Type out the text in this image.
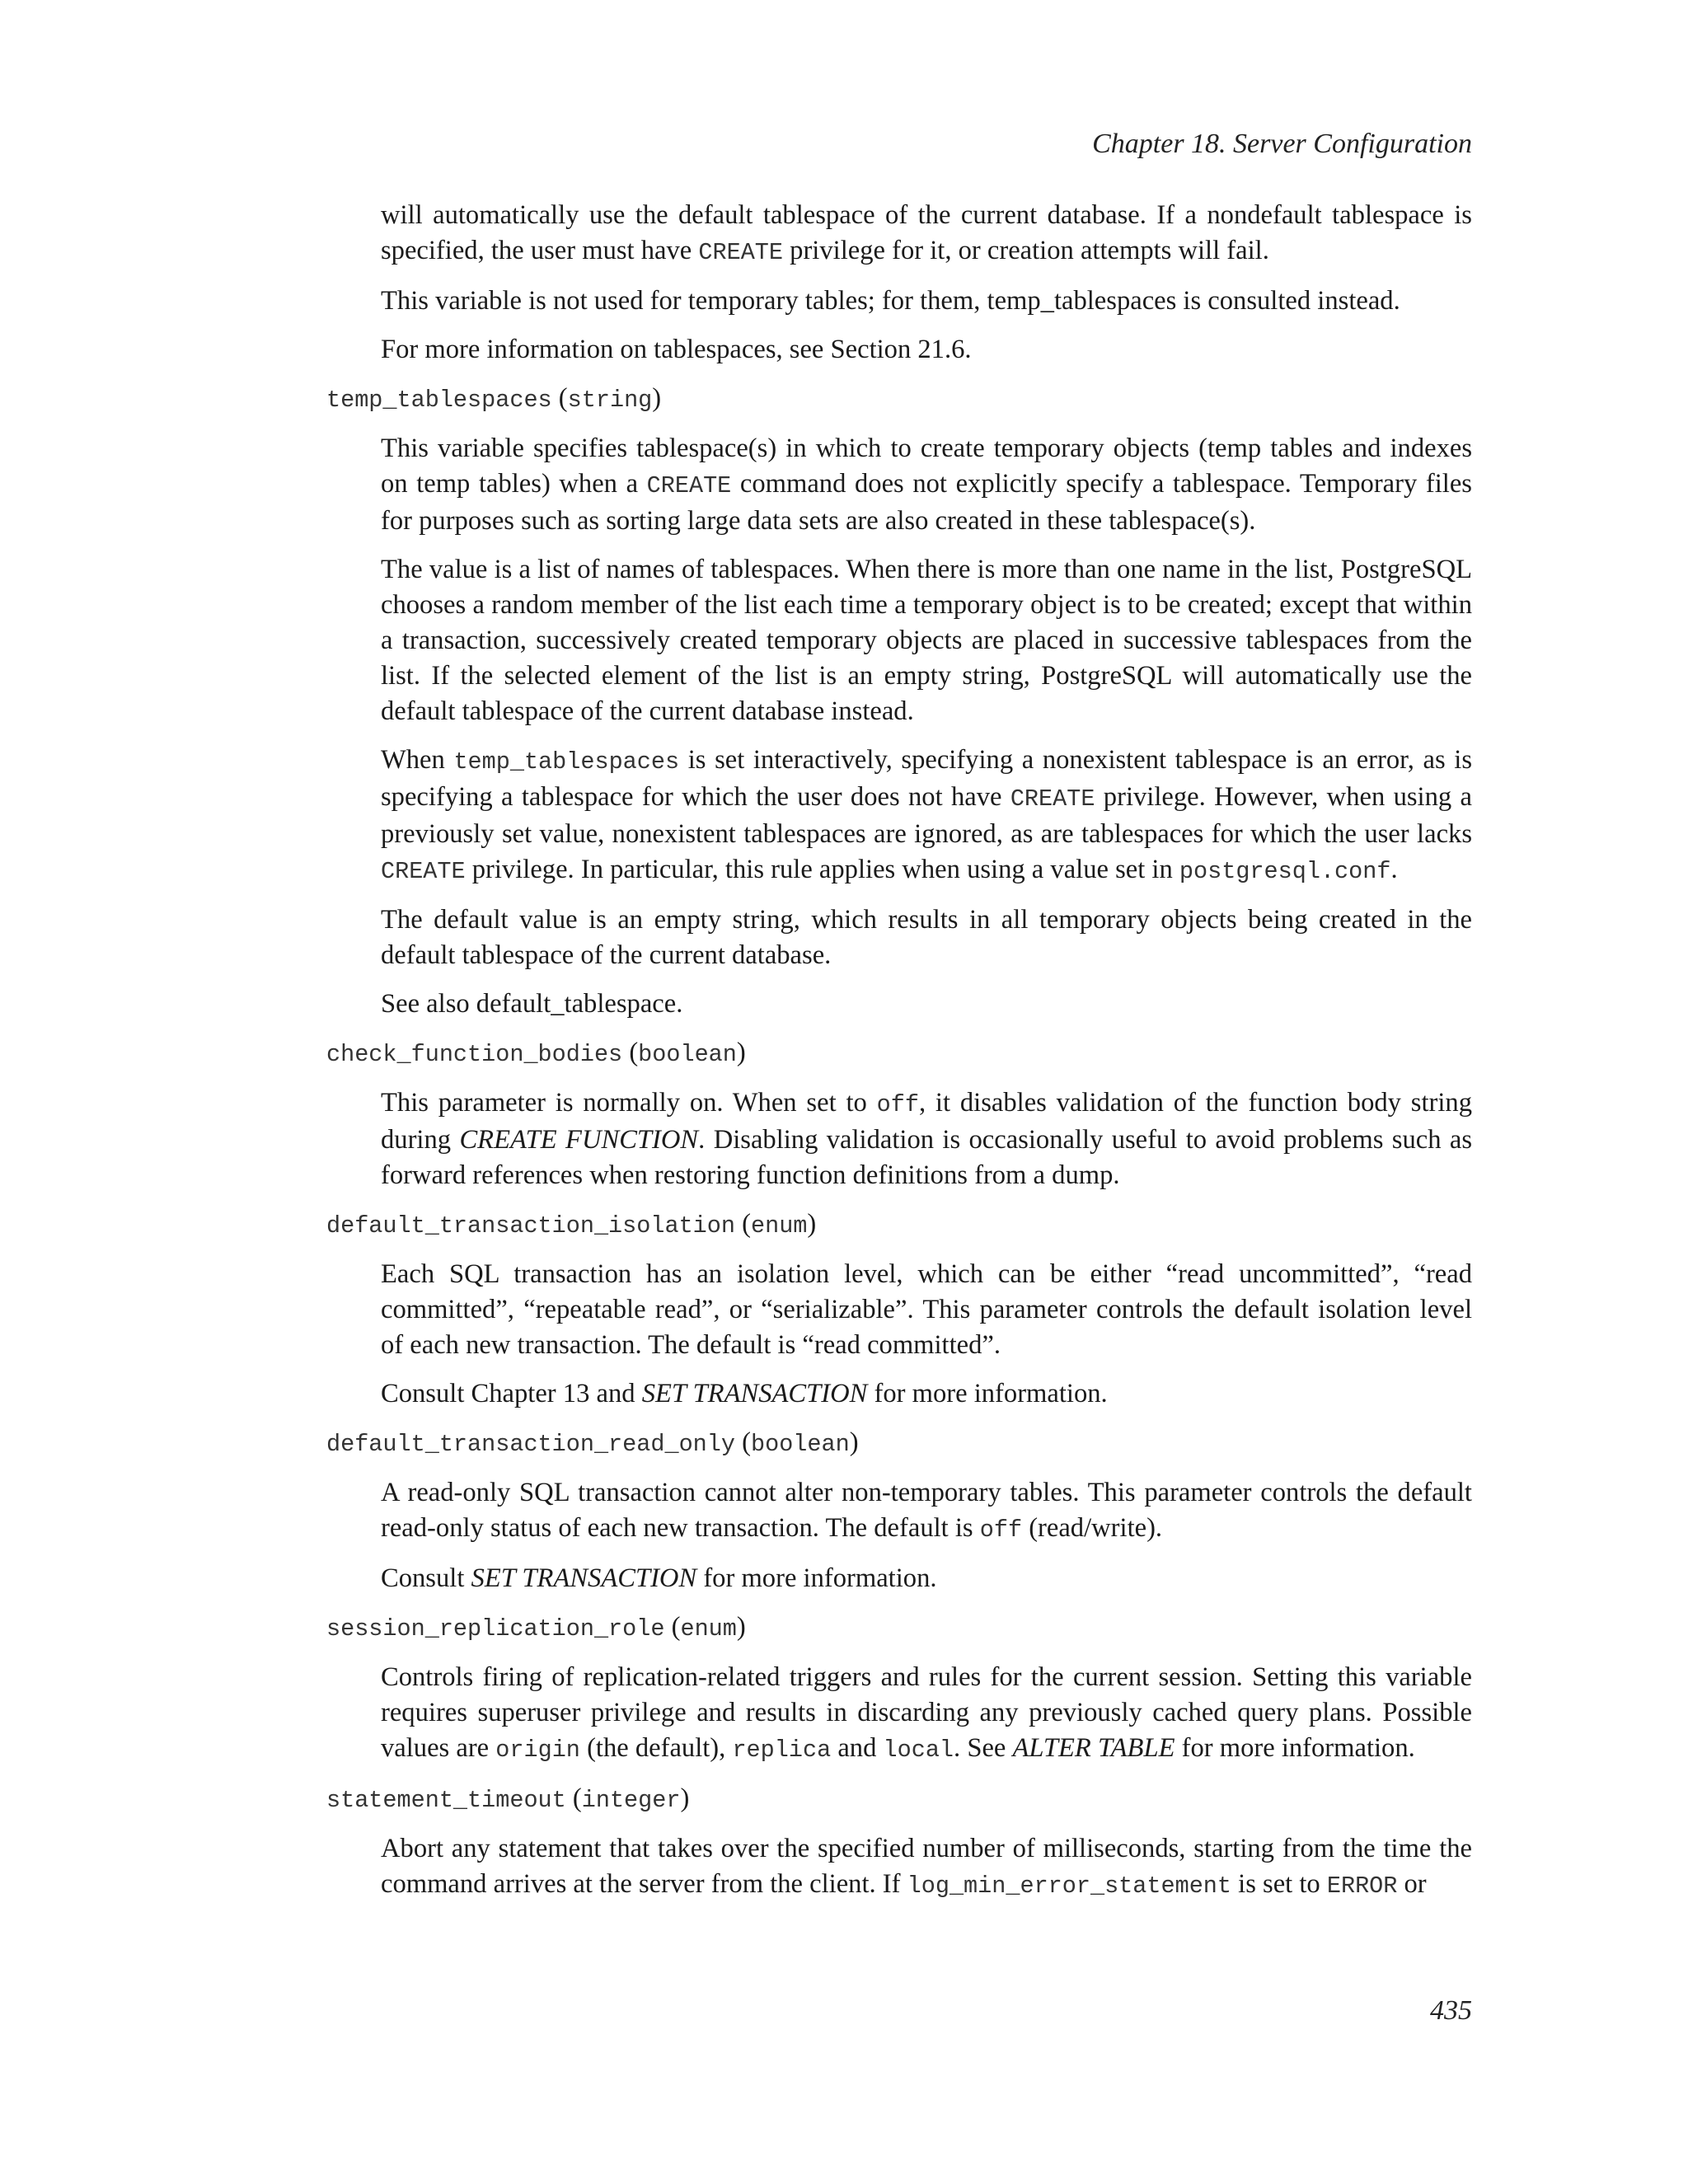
Chapter 18. Server Configuration

will automatically use the default tablespace of the current database. If a nondefault tablespace is specified, the user must have CREATE privilege for it, or creation attempts will fail.

This variable is not used for temporary tables; for them, temp_tablespaces is consulted instead.

For more information on tablespaces, see Section 21.6.

temp_tablespaces (string)

This variable specifies tablespace(s) in which to create temporary objects (temp tables and indexes on temp tables) when a CREATE command does not explicitly specify a tablespace. Temporary files for purposes such as sorting large data sets are also created in these tablespace(s).

The value is a list of names of tablespaces. When there is more than one name in the list, PostgreSQL chooses a random member of the list each time a temporary object is to be created; except that within a transaction, successively created temporary objects are placed in successive tablespaces from the list. If the selected element of the list is an empty string, PostgreSQL will automatically use the default tablespace of the current database instead.

When temp_tablespaces is set interactively, specifying a nonexistent tablespace is an error, as is specifying a tablespace for which the user does not have CREATE privilege. However, when using a previously set value, nonexistent tablespaces are ignored, as are tablespaces for which the user lacks CREATE privilege. In particular, this rule applies when using a value set in postgresql.conf.

The default value is an empty string, which results in all temporary objects being created in the default tablespace of the current database.

See also default_tablespace.

check_function_bodies (boolean)

This parameter is normally on. When set to off, it disables validation of the function body string during CREATE FUNCTION. Disabling validation is occasionally useful to avoid problems such as forward references when restoring function definitions from a dump.

default_transaction_isolation (enum)

Each SQL transaction has an isolation level, which can be either “read uncommitted”, “read committed”, “repeatable read”, or “serializable”. This parameter controls the default isolation level of each new transaction. The default is “read committed”.

Consult Chapter 13 and SET TRANSACTION for more information.

default_transaction_read_only (boolean)

A read-only SQL transaction cannot alter non-temporary tables. This parameter controls the default read-only status of each new transaction. The default is off (read/write).

Consult SET TRANSACTION for more information.

session_replication_role (enum)

Controls firing of replication-related triggers and rules for the current session. Setting this variable requires superuser privilege and results in discarding any previously cached query plans. Possible values are origin (the default), replica and local. See ALTER TABLE for more information.

statement_timeout (integer)

Abort any statement that takes over the specified number of milliseconds, starting from the time the command arrives at the server from the client. If log_min_error_statement is set to ERROR or

435
